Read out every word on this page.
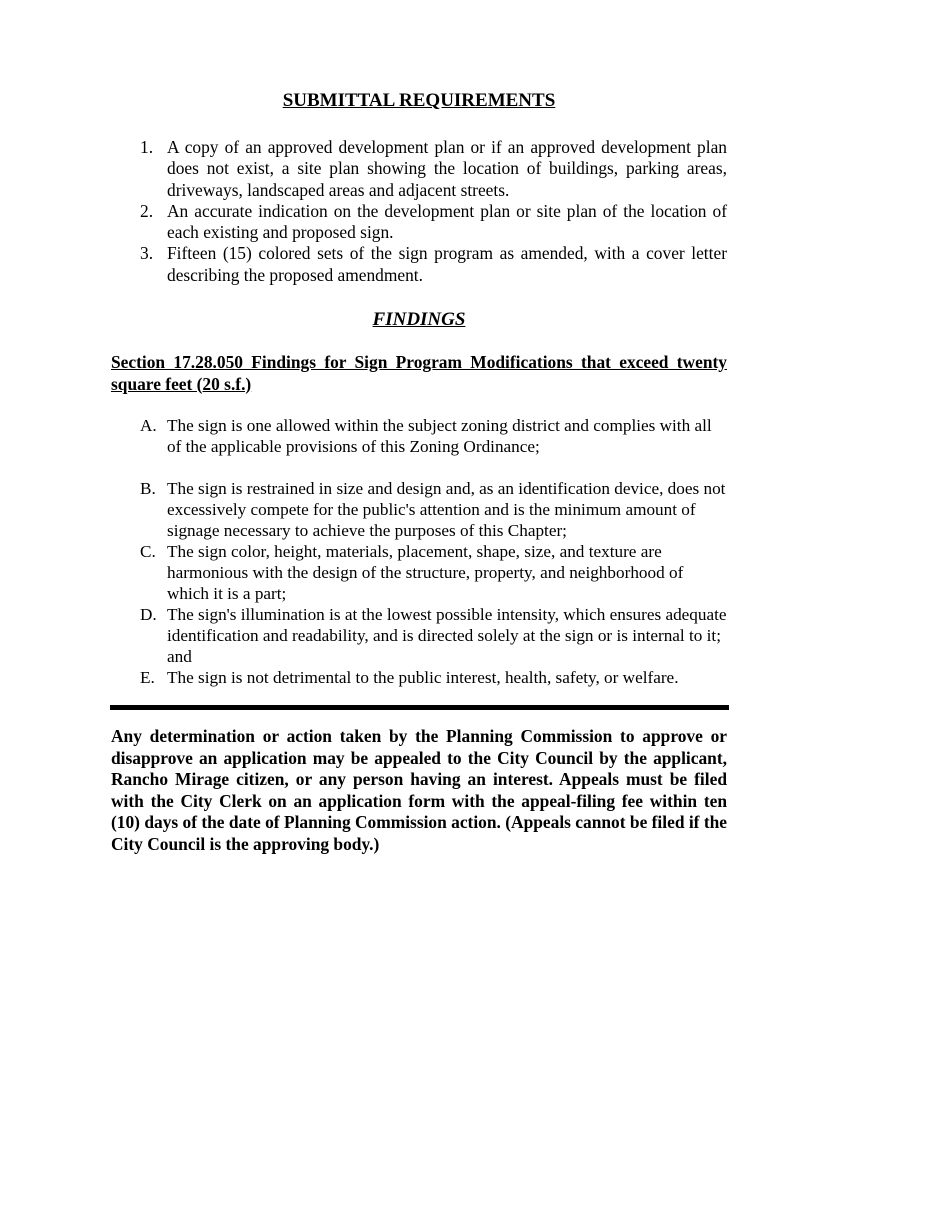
SUBMITTAL REQUIREMENTS
1. A copy of an approved development plan or if an approved development plan does not exist, a site plan showing the location of buildings, parking areas, driveways, landscaped areas and adjacent streets.
2. An accurate indication on the development plan or site plan of the location of each existing and proposed sign.
3. Fifteen (15) colored sets of the sign program as amended, with a cover letter describing the proposed amendment.
FINDINGS
Section 17.28.050 Findings for Sign Program Modifications that exceed twenty square feet (20 s.f.)
A. The sign is one allowed within the subject zoning district and complies with all of the applicable provisions of this Zoning Ordinance;
B. The sign is restrained in size and design and, as an identification device, does not excessively compete for the public's attention and is the minimum amount of signage necessary to achieve the purposes of this Chapter;
C. The sign color, height, materials, placement, shape, size, and texture are harmonious with the design of the structure, property, and neighborhood of which it is a part;
D. The sign's illumination is at the lowest possible intensity, which ensures adequate identification and readability, and is directed solely at the sign or is internal to it; and
E. The sign is not detrimental to the public interest, health, safety, or welfare.
Any determination or action taken by the Planning Commission to approve or disapprove an application may be appealed to the City Council by the applicant, Rancho Mirage citizen, or any person having an interest. Appeals must be filed with the City Clerk on an application form with the appeal-filing fee within ten (10) days of the date of Planning Commission action. (Appeals cannot be filed if the City Council is the approving body.)
